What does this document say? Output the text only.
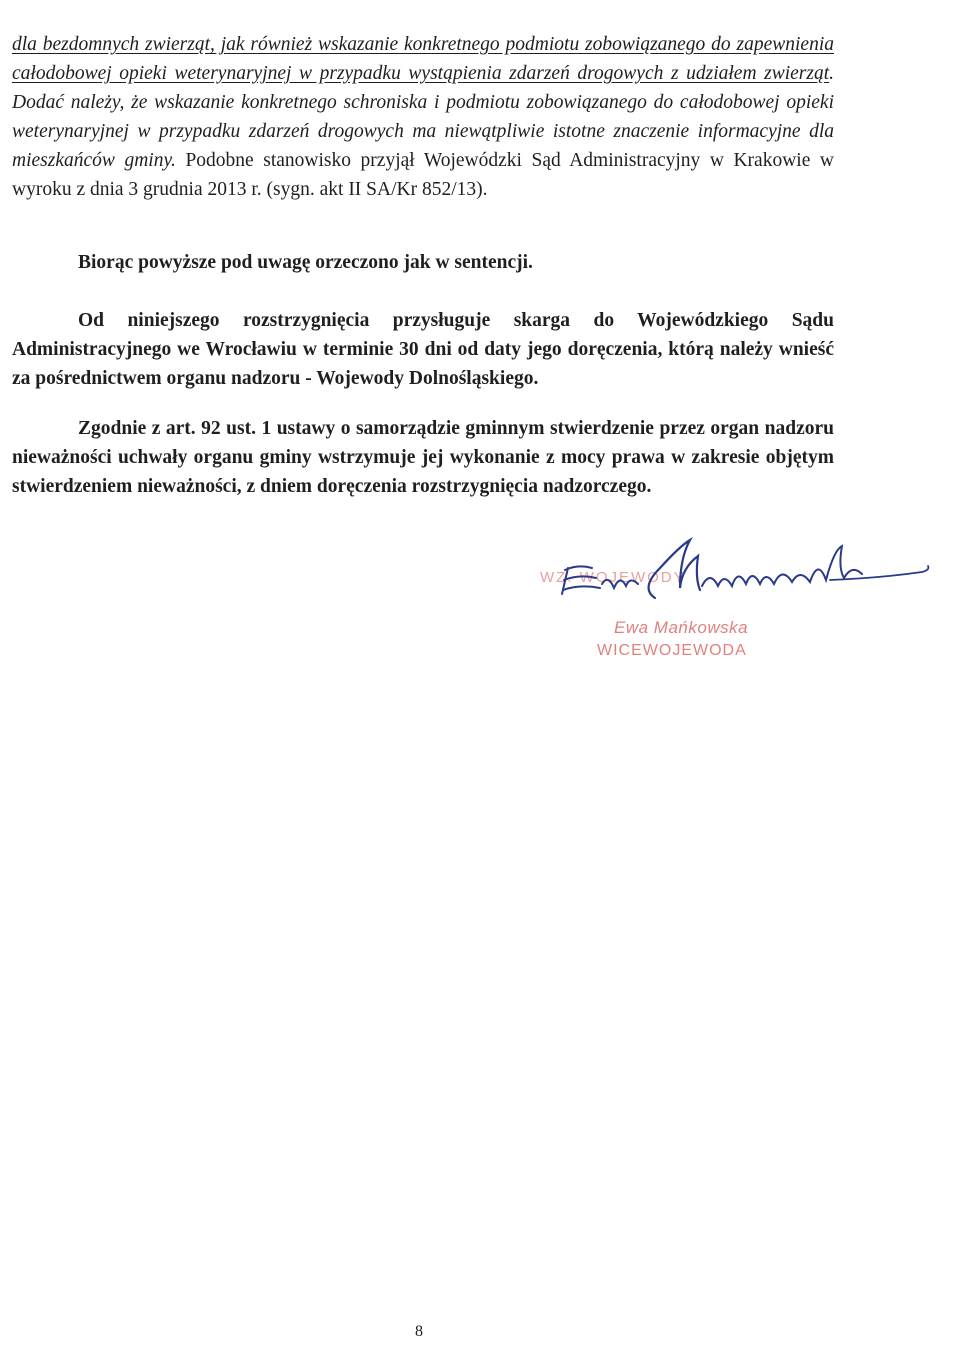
dla bezdomnych zwierząt, jak również wskazanie konkretnego podmiotu zobowiązanego do zapewnienia całodobowej opieki weterynaryjnej w przypadku wystąpienia zdarzeń drogowych z udziałem zwierząt. Dodać należy, że wskazanie konkretnego schroniska i podmiotu zobowiązanego do całodobowej opieki weterynaryjnej w przypadku zdarzeń drogowych ma niewątpliwie istotne znaczenie informacyjne dla mieszkańców gminy. Podobne stanowisko przyjął Wojewódzki Sąd Administracyjny w Krakowie w wyroku z dnia 3 grudnia 2013 r. (sygn. akt II SA/Kr 852/13).

Biorąc powyższe pod uwagę orzeczono jak w sentencji.

Od niniejszego rozstrzygnięcia przysługuje skarga do Wojewódzkiego Sądu Administracyjnego we Wrocławiu w terminie 30 dni od daty jego doręczenia, którą należy wnieść za pośrednictwem organu nadzoru - Wojewody Dolnośląskiego.

Zgodnie z art. 92 ust. 1 ustawy o samorządzie gminnym stwierdzenie przez organ nadzoru nieważności uchwały organu gminy wstrzymuje jej wykonanie z mocy prawa w zakresie objętym stwierdzeniem nieważności, z dniem doręczenia rozstrzygnięcia nadzorczego.

WZ. WOJEWODY
Ewa Mańkowska
WICEWOJEWODA

8
